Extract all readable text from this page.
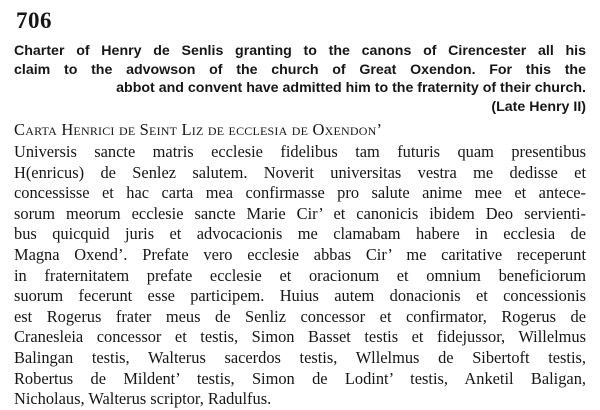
706
Charter of Henry de Senlis granting to the canons of Cirencester all his
claim to the advowson of the church of Great Oxendon. For this the
abbot and convent have admitted him to the fraternity of their church.
(Late Henry II)
Carta Henrici de Seint Liz de ecclesia de Oxendon’
Universis sancte matris ecclesie fidelibus tam futuris quam presentibus
H(enricus) de Senlez salutem. Noverit universitas vestra me dedisse et
concessisse et hac carta mea confirmasse pro salute anime mee et antece-
sorum meorum ecclesie sancte Marie Cir’ et canonicis ibidem Deo servienti-
bus quicquid juris et advocacionis me clamabam habere in ecclesia de
Magna Oxend’. Prefate vero ecclesie abbas Cir’ me caritative receperunt
in fraternitatem prefate ecclesie et oracionum et omnium beneficiorum
suorum fecerunt esse participem. Huius autem donacionis et concessionis
est Rogerus frater meus de Senliz concessor et confirmator, Rogerus de
Cranesleia concessor et testis, Simon Basset testis et fidejussor, Willelmus
Balingan testis, Walterus sacerdos testis, Wllelmus de Sibertoft testis,
Robertus de Mildent’ testis, Simon de Lodint’ testis, Anketil Baligan,
Nicholaus, Walterus scriptor, Radulfus.
